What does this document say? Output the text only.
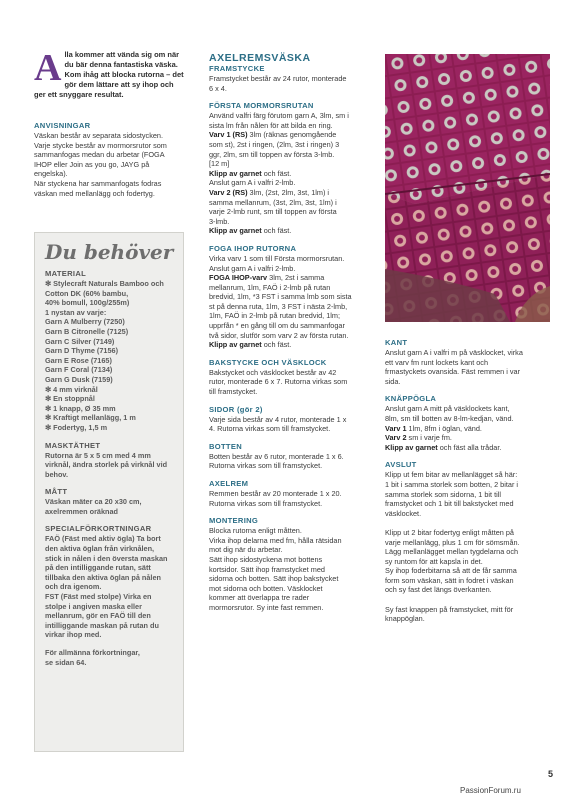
A lla kommer att vända sig om när du bär denna fantastiska väska. Kom ihåg att blocka rutorna – det gör dem lättare att sy ihop och ger ett snyggare resultat.

ANVISNINGAR

Väskan består av separata sidostycken.

Varje stycke består av mormorsrutor som

sammanfogas medan du arbetar (FOGA

IHOP eller Join as you go, JAYG på

engelska).

När styckena har sammanfogats fodras

väskan med mellanlägg och fodertyg.

Du behöver

MATERIAL

✻ Stylecraft Naturals Bamboo och

Cotton DK (60% bambu,

40% bomull, 100g/255m)

1 nystan av varje:

Garn A Mulberry (7250)

Garn B Citronelle (7125)

Garn C Silver (7149)

Garn D Thyme (7156)

Garn E Rose (7165)

Garn F Coral (7134)

Garn G Dusk (7159)

✻ 4 mm virknål

✻ En stoppnål

✻ 1 knapp, Ø 35 mm

✻ Kraftigt mellanlägg, 1 m

✻ Fodertyg, 1,5 m

MASKTÄTHET

Rutorna är 5 x 5 cm med 4 mm

virknål, ändra storlek på virknål vid

behov.

MÅTT

Väskan mäter ca 20 x30 cm,

axelremmen oräknad

SPECIALFÖRKORTNINGAR

FAÖ (Fäst med aktiv ögla) Ta bort

den aktiva öglan från virknålen,

stick in nålen i den översta maskan

på den intilliggande rutan, sätt

tillbaka den aktiva öglan på nålen

och dra igenom.

FST (Fäst med stolpe) Virka en

stolpe i angiven maska eller

mellanrum, gör en FAÖ till den

intilliggande maskan på rutan du

virkar ihop med.

För allmänna förkortningar,

se sidan 64.

AXELREMSVÄSKA

FRAMSTYCKE

Framstycket består av 24 rutor, monterade

6 x 4.

FÖRSTA MORMORSRUTAN

Använd valfri färg förutom garn A, 3lm, sm i

sista lm från nålen för att bilda en ring.

Varv 1 (RS) 3lm (räknas genomgående

som st), 2st i ringen, (2lm, 3st i ringen) 3

ggr, 2lm, sm till toppen av första 3-lmb.

[12 m]

Klipp av garnet och fäst.

Anslut garn A i valfri 2-lmb.

Varv 2 (RS) 3lm, (2st, 2lm, 3st, 1lm) i

samma mellanrum, (3st, 2lm, 3st, 1lm) i

varje 2-lmb runt, sm till toppen av första

3-lmb.

Klipp av garnet och fäst.

FOGA IHOP RUTORNA

Virka varv 1 som till Första mormorsrutan.

Anslut garn A i valfri 2-lmb.

FOGA IHOP-varv 3lm, 2st i samma

mellanrum, 1lm, FAÖ i 2-lmb på rutan

bredvid, 1lm, *3 FST i samma lmb som sista

st på denna ruta, 1lm, 3 FST i nästa 2-lmb,

1lm, FAÖ in 2-lmb på rutan bredvid, 1lm;

upprfån * en gång till om du sammanfogar

två sidor, slutför som varv 2 av första rutan.

Klipp av garnet och fäst.

BAKSTYCKE OCH VÄSKLOCK

Bakstycket och väsklocket består av 42

rutor, monterade 6 x 7. Rutorna virkas som

till framstycket.

SIDOR (gör 2)

Varje sida består av 4 rutor, monterade 1 x

4. Rutorna virkas som till framstycket.

BOTTEN

Botten består av 6 rutor, monterade 1 x 6.

Rutorna virkas som till framstycket.

AXELREM

Remmen består av 20 monterade 1 x 20.

Rutorna virkas som till framstycket.

MONTERING

Blocka rutorna enligt måtten.

Virka ihop delarna med fm, hålla rätsidan

mot dig när du arbetar.

Sätt ihop sidostyckena mot bottens

kortsidor. Sätt ihop framstycket med

sidorna och botten. Sätt ihop bakstycket

mot sidorna och botten. Väsklocket

kommer att överlappa tre rader

mormorsrutor. Sy inte fast remmen.

KANT

Anslut garn A i valfri m på väsklocket, virka

ett varv fm runt lockets kant och

frmastyckets ovansida. Fäst remmen i var

sida.

KNÄPPÖGLA

Anslut garn A mitt på väsklockets kant,

8lm, sm till botten av 8-lm-kedjan, vänd.

Varv 1 1lm, 8fm i öglan, vänd.

Varv 2 sm i varje fm.

Klipp av garnet och fäst alla trådar.

AVSLUT

Klipp ut fem bitar av mellanlägget så här:

1 bit i samma storlek som botten, 2 bitar i

samma storlek som sidorna, 1 bit till

framstycket och 1 bit till bakstycket med

väsklocket.

Klipp ut 2 bitar fodertyg enligt måtten på

varje mellanlägg, plus 1 cm för sömsmån.

Lägg mellanlägget mellan tygdelarna och

sy runtom för att kapsla in det.

Sy ihop foderbitarna så att de får samma

form som väskan, sätt in fodret i väskan

och sy fast det längs överkanten.

Sy fast knappen på framstycket, mitt för

knappöglan.

5
PassionForum.ru
